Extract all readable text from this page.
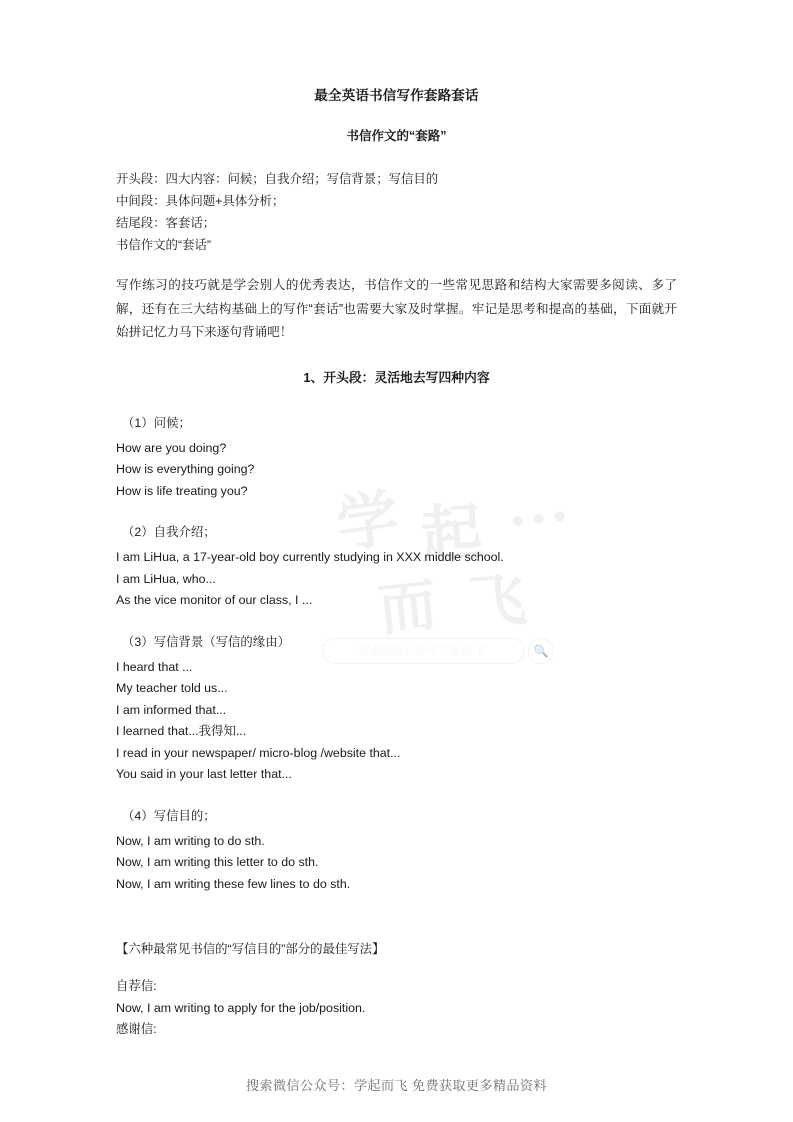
学 起 …
而 飞
搜索微信公众号“学起而飞”	🔍
最全英语书信写作套路套话
书信作文的“套路”

开头段：四大内容：问候；自我介绍；写信背景；写信目的

中间段：具体问题+具体分析；

结尾段：客套话；

书信作文的“套话”

写作练习的技巧就是学会别人的优秀表达，书信作文的一些常见思路和结构大家需要多阅读、多了解，还有在三大结构基础上的写作“套话”也需要大家及时掌握。牢记是思考和提高的基础，下面就开始拼记忆力马下来逐句背诵吧！

1、开头段：灵活地去写四种内容

（1）问候；

How are you doing?

How is everything going?

How is life treating you?

（2）自我介绍；

I am LiHua, a 17-year-old boy currently studying in XXX middle school.

I am LiHua, who...

As the vice monitor of our class, I ...

（3）写信背景（写信的缘由）

I heard that ...

My teacher told us...

I am informed that...

I learned that...我得知...

I read in your newspaper/ micro-blog /website that...

You said in your last letter that...

（4）写信目的；

Now, I am writing to do sth.

Now, I am writing this letter to do sth.

Now, I am writing these few lines to do sth.

【六种最常见书信的“写信目的”部分的最佳写法】

自荐信:

Now, I am writing to apply for the job/position.

感谢信:

搜索微信公众号：学起而飞 免费获取更多精品资料
